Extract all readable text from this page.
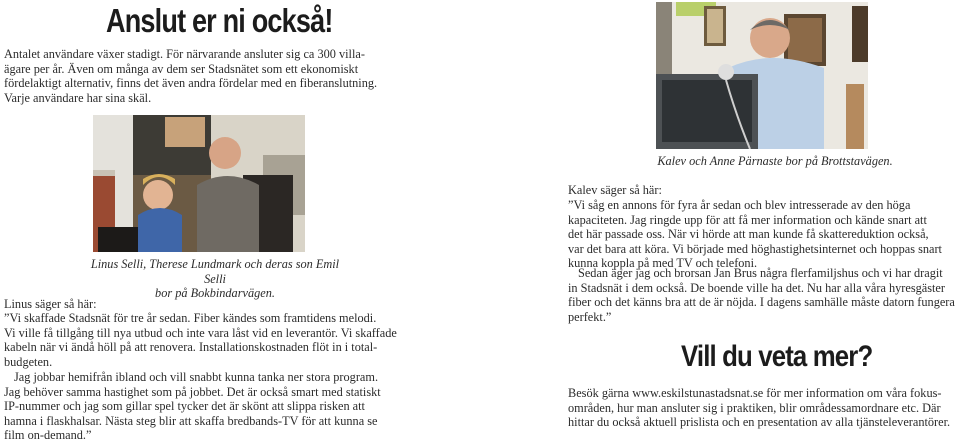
Anslut er ni också!

Antalet användare växer stadigt. För närvarande ansluter sig ca 300 villa-
ägare per år. Även om många av dem ser Stadsnätet som ett ekonomiskt
fördelaktigt alternativ, finns det även andra fördelar med en fiberanslutning.
Varje användare har sina skäl.

Linus Selli, Therese Lundmark och deras son Emil Selli
bor på Bokbindarvägen.

Linus säger så här:

”Vi skaffade Stadsnät för tre år sedan. Fiber kändes som framtidens melodi.
Vi ville få tillgång till nya utbud och inte vara låst vid en leverantör. Vi skaffade
kabeln när vi ändå höll på att renovera. Installationskostnaden flöt in i total-
budgeten.

Jag jobbar hemifrån ibland och vill snabbt kunna tanka ner stora program.
Jag behöver samma hastighet som på jobbet. Det är också smart med statiskt
IP-nummer och jag som gillar spel tycker det är skönt att slippa risken att
hamna i flaskhalsar. Nästa steg blir att skaffa bredbands-TV för att kunna se
film on-demand.”

Kalev och Anne Pärnaste bor på Brottstavägen.

Kalev säger så här:

”Vi såg en annons för fyra år sedan och blev intresserade av den höga
kapaciteten. Jag ringde upp för att få mer information och kände snart att
det här passade oss. När vi hörde att man kunde få skattereduktion också,
var det bara att köra. Vi började med höghastighetsinternet och hoppas snart
kunna koppla på med TV och telefoni.

Sedan äger jag och brorsan Jan Brus några flerfamiljshus och vi har dragit
in Stadsnät i dem också. De boende ville ha det. Nu har alla våra hyresgäster
fiber och det känns bra att de är nöjda. I dagens samhälle måste datorn fungera
perfekt.”

Vill du veta mer?

Besök gärna www.eskilstunastadsnat.se för mer information om våra fokus-
områden, hur man ansluter sig i praktiken, blir områdessamordnare etc. Där
hittar du också aktuell prislista och en presentation av alla tjänsteleverantörer.
